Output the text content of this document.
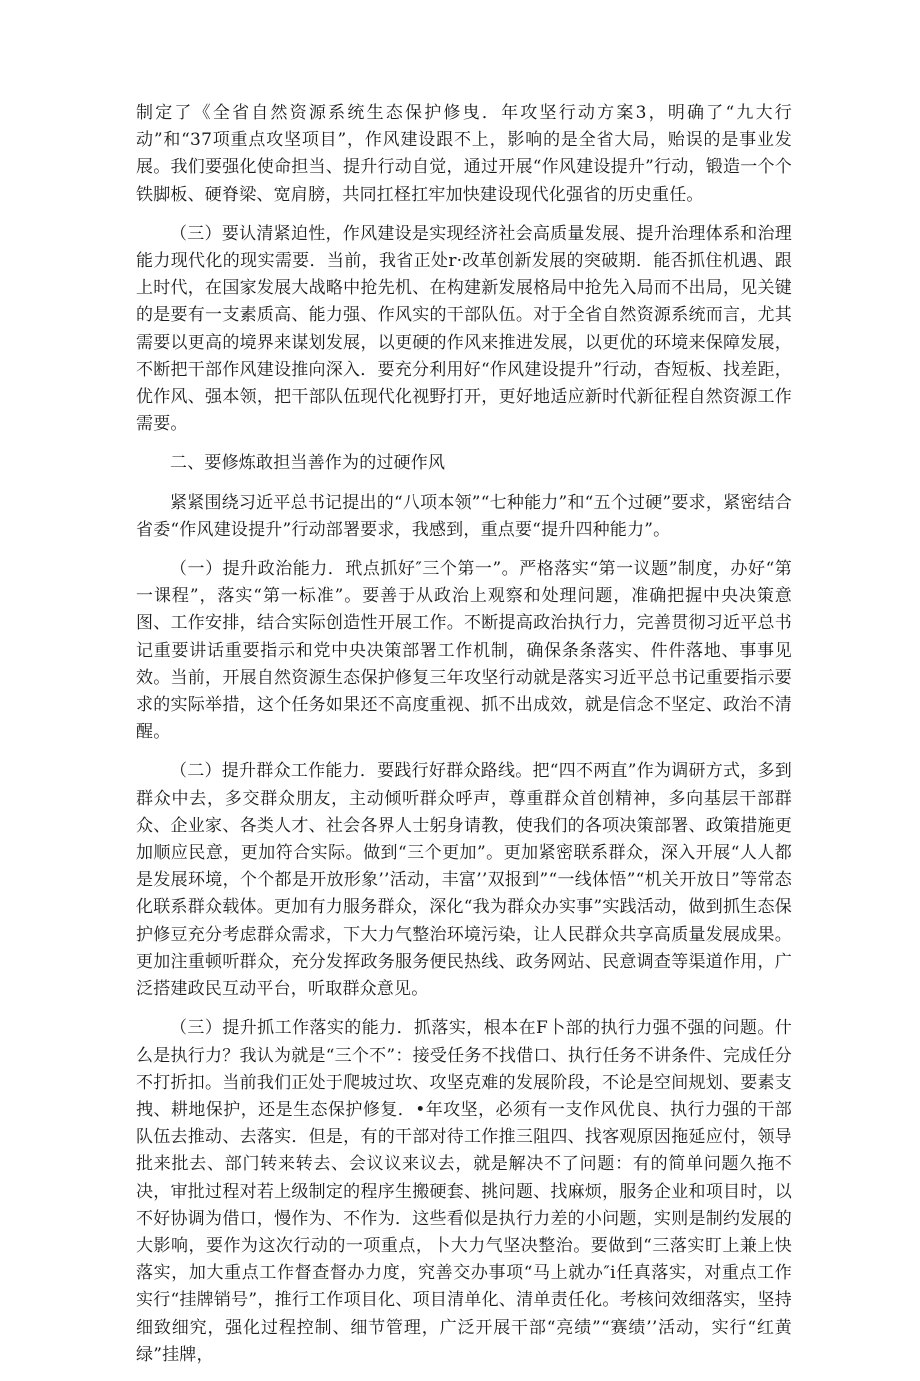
制定了《全省自然资源系统生态保护修曳．年攻坚行动方案3，明确了“九大行动”和“37项重点攻坚项目”，作风建设跟不上，影响的是全省大局，贻误的是事业发展。我们要强化使命担当、提升行动自觉，通过开展“作风建设提升”行动，锻造一个个铁脚板、硬脊梁、宽肩膀，共同扛柽扛牢加快建设现代化强省的历史重任。

（三）要认清紧迫性，作风建设是实现经济社会高质量发展、提升治理体系和治理能力现代化的现实需要．当前，我省正处r·改革创新发展的突破期．能否抓住机遇、跟上时代，在国家发展大战略中抢先机、在构建新发展格局中抢先入局而不出局，见关键的是要有一支素质高、能力强、作风实的干部队伍。对于全省自然资源系统而言，尤其需要以更高的境界来谋划发展，以更硬的作风来推进发展，以更优的环境来保障发展，不断把干部作风建设推向深入．要充分利用好“作风建设提升”行动，杳短板、找差距，优作风、强本领，把干部队伍现代化视野打开，更好地适应新时代新征程自然资源工作需要。

二、要修炼敢担当善作为的过硬作风

紧紧围绕习近平总书记提出的“八项本领”“七种能力”和“五个过硬”要求，紧密结合省委“作风建设提升”行动部署要求，我感到，重点要“提升四种能力”。

（一）提升政治能力．玳点抓好″三个第一”。严格落实“第一议题”制度，办好“第一课程”，落实“第一标准”。要善于从政治上观察和处理问题，准确把握中央决策意图、工作安排，结合实际创造性开展工作。不断提高政治执行力，完善贯彻习近平总书记重要讲话重要指示和党中央决策部署工作机制，确保条条落实、件件落地、事事见效。当前，开展自然资源生态保护修复三年攻坚行动就是落实习近平总书记重要指示要求的实际举措，这个任务如果还不高度重视、抓不出成效，就是信念不坚定、政治不清醒。

（二）提升群众工作能力．要践行好群众路线。把“四不两直”作为调研方式，多到群众中去，多交群众朋友，主动倾听群众呼声，尊重群众首创精神，多向基层干部群众、企业家、各类人才、社会各界人士躬身请教，使我们的各项决策部署、政策措施更加顺应民意，更加符合实际。做到“三个更加”。更加紧密联系群众，深入开展“人人都是发展环境，个个都是开放形象’’活动，丰富’’双报到”“一线体悟”“机关开放日”等常态化联系群众载体。更加有力服务群众，深化“我为群众办实事”实践活动，做到抓生态保护修豆充分考虑群众需求，下大力气整治环境污染，让人民群众共享高质量发展成果。更加注重顿听群众，充分发挥政务服务便民热线、政务网站、民意调查等渠道作用，广泛搭建政民互动平台，听取群众意见。

（三）提升抓工作落实的能力．抓落实，根本在F卜部的执行力强不强的问题。什么是执行力？我认为就是“三个不”：接受任务不找借口、执行任务不讲条件、完成任分不打折扣。当前我们正处于爬坡过坎、攻坚克难的发展阶段，不论是空间规划、要素支拽、耕地保护，还是生态保护修复．•年攻坚，必须有一支作风优良、执行力强的干部队伍去推动、去落实．但是，有的干部对待工作推三阻四、找客观原因拖延应付，领导批来批去、部门转来转去、会议议来议去，就是解决不了问题：有的简单问题久拖不决，审批过程对若上级制定的程序生搬硬套、挑问题、找麻烦，服务企业和项目时，以不好协调为借口，慢作为、不作为．这些看似是执行力差的小问题，实则是制约发展的大影响，要作为这次行动的一项重点，卜大力气坚决整治。要做到“三落实盯上兼上快落实，加大重点工作督查督办力度，究善交办事项“马上就办″i任真落实，对重点工作实行“挂牌销号”，推行工作项目化、项目清单化、清单责任化。考核问效细落实，坚持细致细究，强化过程控制、细节管理，广泛开展干部“亮绩”“赛绩’’活动，实行“红黄绿”挂牌，
